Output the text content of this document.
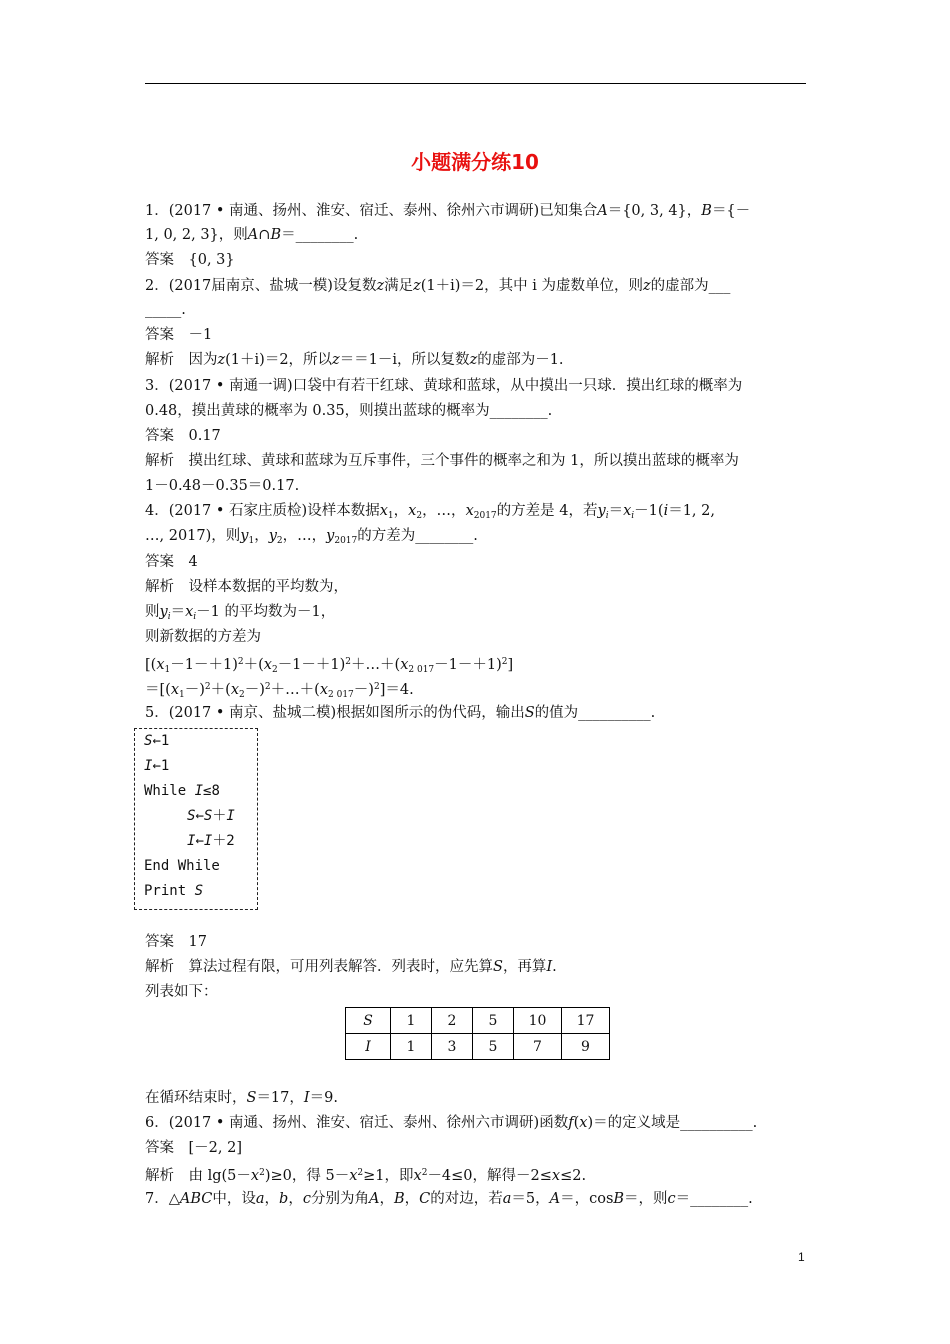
小题满分练10
1．(2017 • 南通、扬州、淮安、宿迁、泰州、徐州六市调研)已知集合A＝{0, 3, 4}，B＝{－
1, 0, 2, 3}，则A∩B＝________.
答案　{0, 3}
2．(2017届南京、盐城一模)设复数z满足z(1＋i)＝2，其中 i 为虚数单位，则z的虚部为___
_____.
答案　－1
解析　因为z(1＋i)＝2，所以z＝＝1－i，所以复数z的虚部为－1.
3．(2017 • 南通一调)口袋中有若干红球、黄球和蓝球，从中摸出一只球．摸出红球的概率为
0.48，摸出黄球的概率为 0.35，则摸出蓝球的概率为________.
答案　0.17
解析　摸出红球、黄球和蓝球为互斥事件，三个事件的概率之和为 1，所以摸出蓝球的概率为
1－0.48－0.35＝0.17.
4．(2017 • 石家庄质检)设样本数据$x_1$，$x_2$，…，$x_{2017}$的方差是 4，若$y_i=x_i-1(i=1$, 2,
…, 2017)，则$y_1$，$y_2$，…，$y_{2017}$的方差为________.
答案　4
解析　设样本数据的平均数为，
则$y_i=x_i-1$ 的平均数为－1，
则新数据的方差为
$[(x_1-1-+1)^2+(x_2-1-+1)^2+\dots+(x_{2 017}-1-+1)^2]$
$=[(x_1-)^2+(x_2-)^2+\dots+(x_{2 017}-)^2]=4$.
5．(2017 • 南京、盐城二模)根据如图所示的伪代码，输出S的值为__________.
S←1
I←1
While I≤8
S←S＋I
I←I＋2
End While
Print S
答案　17
解析　算法过程有限，可用列表解答．列表时，应先算S，再算I.
列表如下：
S	1	2	5	10	17
I	1	3	5	7	9
在循环结束时，S＝17，I＝9.
6．(2017 • 南通、扬州、淮安、宿迁、泰州、徐州六市调研)函数f(x)＝的定义域是__________.
答案　[－2, 2]
解析　由 $\lg(5-x^2)\ge 0$，得 $5-x^2\ge 1$，即$x^2-4\le 0$，解得－2≤x≤2.
7．△ABC中，设a，b，c分别为角A，B，C的对边，若a＝5，A＝，cosB＝，则c＝________.
1
